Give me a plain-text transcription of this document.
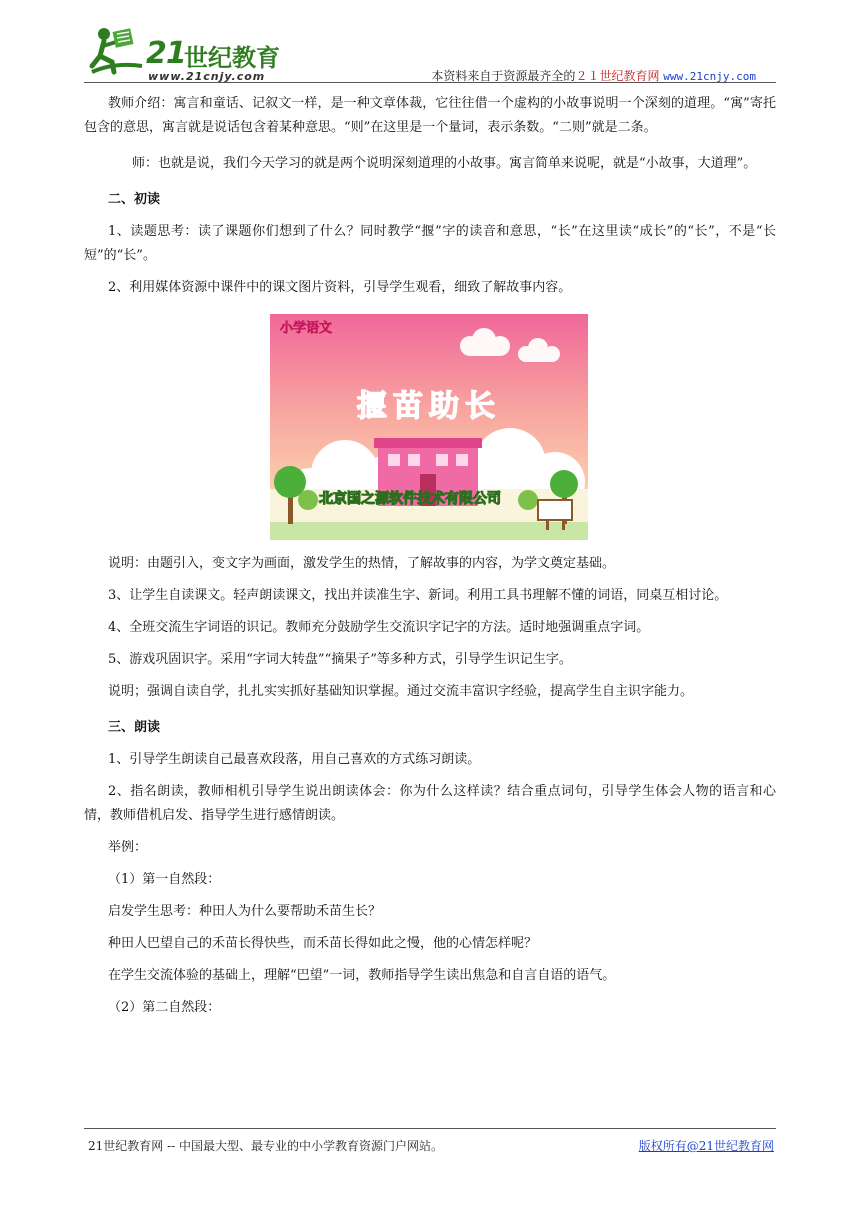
21
世纪教育
www.21cnjy.com	本资料来自于资源最齐全的２１世纪教育网 www.21cnjy.com

教师介绍：寓言和童话、记叙文一样，是一种文章体裁，它往往借一个虚构的小故事说明一个深刻的道理。“寓”寄托包含的意思，寓言就是说话包含着某种意思。“则”在这里是一个量词，表示条数。“二则”就是二条。

师：也就是说，我们今天学习的就是两个说明深刻道理的小故事。寓言简单来说呢，就是“小故事，大道理”。

二、初读

1、读题思考：读了课题你们想到了什么？同时教学“揠”字的读音和意思，“长”在这里读“成长”的“长”，不是“长短”的“长”。

2、利用媒体资源中课件中的课文图片资料，引导学生观看，细致了解故事内容。

小学语文
揠苗助长
北京国之源软件技术有限公司

说明：由题引入，变文字为画面，激发学生的热情，了解故事的内容，为学文奠定基础。

3、让学生自读课文。轻声朗读课文，找出并读准生字、新词。利用工具书理解不懂的词语，同桌互相讨论。

4、全班交流生字词语的识记。教师充分鼓励学生交流识字记字的方法。适时地强调重点字词。

5、游戏巩固识字。采用“字词大转盘”“摘果子”等多种方式，引导学生识记生字。

说明；强调自读自学，扎扎实实抓好基础知识掌握。通过交流丰富识字经验，提高学生自主识字能力。

三、朗读

1、引导学生朗读自己最喜欢段落，用自己喜欢的方式练习朗读。

2、指名朗读，教师相机引导学生说出朗读体会：你为什么这样读？结合重点词句，引导学生体会人物的语言和心情，教师借机启发、指导学生进行感情朗读。

举例：

（1）第一自然段：

启发学生思考：种田人为什么要帮助禾苗生长？

种田人巴望自己的禾苗长得快些，而禾苗长得如此之慢，他的心情怎样呢？

在学生交流体验的基础上，理解“巴望”一词，教师指导学生读出焦急和自言自语的语气。

（2）第二自然段：

21世纪教育网 -- 中国最大型、最专业的中小学教育资源门户网站。	版权所有@21世纪教育网
